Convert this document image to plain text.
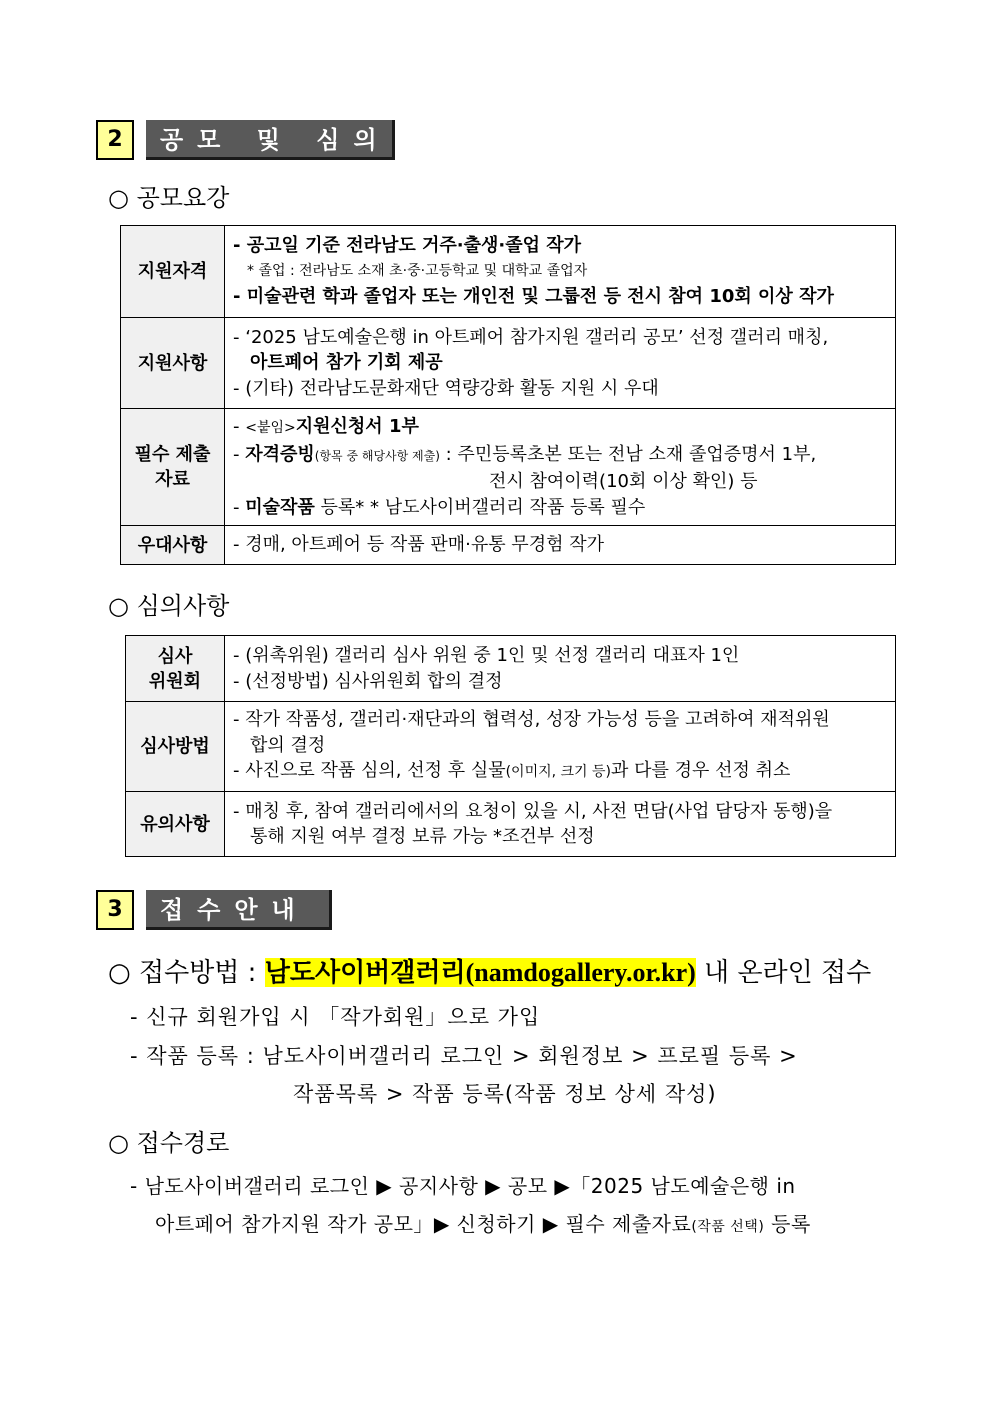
2	공모 및 심의
○ 공모요강
지원자격	- 공고일 기준 전라남도 거주·출생·졸업 작가
* 졸업 : 전라남도 소재 초·중·고등학교 및 대학교 졸업자
- 미술관련 학과 졸업자 또는 개인전 및 그룹전 등 전시 참여 10회 이상 작가

지원사항	- ‘2025 남도예술은행 in 아트페어 참가지원 갤러리 공모’ 선정 갤러리 매칭,
아트페어 참가 기회 제공
- (기타) 전라남도문화재단 역량강화 활동 지원 시 우대

필수 제출
자료	- <붙임>지원신청서 1부
- 자격증빙(항목 중 해당사항 제출) : 주민등록초본 또는 전남 소재 졸업증명서 1부,
전시 참여이력(10회 이상 확인) 등
- 미술작품 등록* * 남도사이버갤러리 작품 등록 필수

우대사항	- 경매, 아트페어 등 작품 판매·유통 무경험 작가
○ 심의사항
심사
위원회	- (위촉위원) 갤러리 심사 위원 중 1인 및 선정 갤러리 대표자 1인
- (선정방법) 심사위원회 합의 결정

심사방법	- 작가 작품성, 갤러리·재단과의 협력성, 성장 가능성 등을 고려하여 재적위원
합의 결정
- 사진으로 작품 심의, 선정 후 실물(이미지, 크기 등)과 다를 경우 선정 취소

유의사항	- 매칭 후, 참여 갤러리에서의 요청이 있을 시, 사전 면담(사업 담당자 동행)을
통해 지원 여부 결정 보류 가능 *조건부 선정
3	접수안내
○ 접수방법 : 남도사이버갤러리(namdogallery.or.kr) 내 온라인 접수
- 신규 회원가입 시 「작가회원」으로 가입
- 작품 등록 : 남도사이버갤러리 로그인 > 회원정보 > 프로필 등록 >
작품목록 > 작품 등록(작품 정보 상세 작성)
○ 접수경로
- 남도사이버갤러리 로그인 ▶ 공지사항 ▶ 공모 ▶「2025 남도예술은행 in
아트페어 참가지원 작가 공모」▶ 신청하기 ▶ 필수 제출자료(작품 선택) 등록
